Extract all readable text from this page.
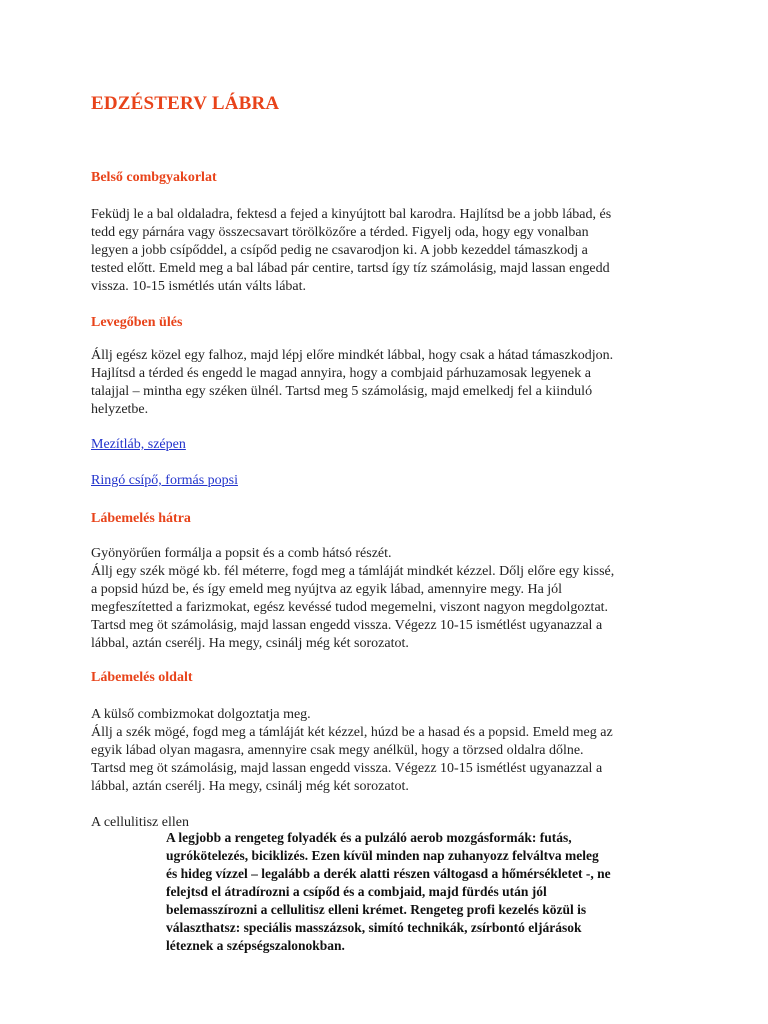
EDZÉSTERV LÁBRA
Belső combgyakorlat

Feküdj le a bal oldaladra, fektesd a fejed a kinyújtott bal karodra. Hajlítsd be a jobb lábad, és
tedd egy párnára vagy összecsavart törölközőre a térded. Figyelj oda, hogy egy vonalban
legyen a jobb csípőddel, a csípőd pedig ne csavarodjon ki. A jobb kezeddel támaszkodj a
tested előtt. Emeld meg a bal lábad pár centire, tartsd így tíz számolásig, majd lassan engedd
vissza. 10-15 ismétlés után válts lábat.

Levegőben ülés

Állj egész közel egy falhoz, majd lépj előre mindkét lábbal, hogy csak a hátad támaszkodjon.
Hajlítsd a térded és engedd le magad annyira, hogy a combjaid párhuzamosak legyenek a
talajjal – mintha egy széken ülnél. Tartsd meg 5 számolásig, majd emelkedj fel a kiinduló
helyzetbe.

Mezítláb, szépen
Ringó csípő, formás popsi
Lábemelés hátra

Gyönyörűen formálja a popsit és a comb hátsó részét.
Állj egy szék mögé kb. fél méterre, fogd meg a támláját mindkét kézzel. Dőlj előre egy kissé,
a popsid húzd be, és így emeld meg nyújtva az egyik lábad, amennyire megy. Ha jól
megfeszítetted a farizmokat, egész kevéssé tudod megemelni, viszont nagyon megdolgoztat.
Tartsd meg öt számolásig, majd lassan engedd vissza. Végezz 10-15 ismétlést ugyanazzal a
lábbal, aztán cserélj. Ha megy, csinálj még két sorozatot.

Lábemelés oldalt

A külső combizmokat dolgoztatja meg.
Állj a szék mögé, fogd meg a támláját két kézzel, húzd be a hasad és a popsid. Emeld meg az
egyik lábad olyan magasra, amennyire csak megy anélkül, hogy a törzsed oldalra dőlne.
Tartsd meg öt számolásig, majd lassan engedd vissza. Végezz 10-15 ismétlést ugyanazzal a
lábbal, aztán cserélj. Ha megy, csinálj még két sorozatot.

A cellulitisz ellen

A legjobb a rengeteg folyadék és a pulzáló aerob mozgásformák: futás,
ugrókötelezés, biciklizés. Ezen kívül minden nap zuhanyozz felváltva meleg
és hideg vízzel – legalább a derék alatti részen váltogasd a hőmérsékletet -, ne
felejtsd el átradírozni a csípőd és a combjaid, majd fürdés után jól
belemasszírozni a cellulitisz elleni krémet. Rengeteg profi kezelés közül is
választhatsz: speciális masszázsok, simító technikák, zsírbontó eljárások
léteznek a szépségszalonokban.
